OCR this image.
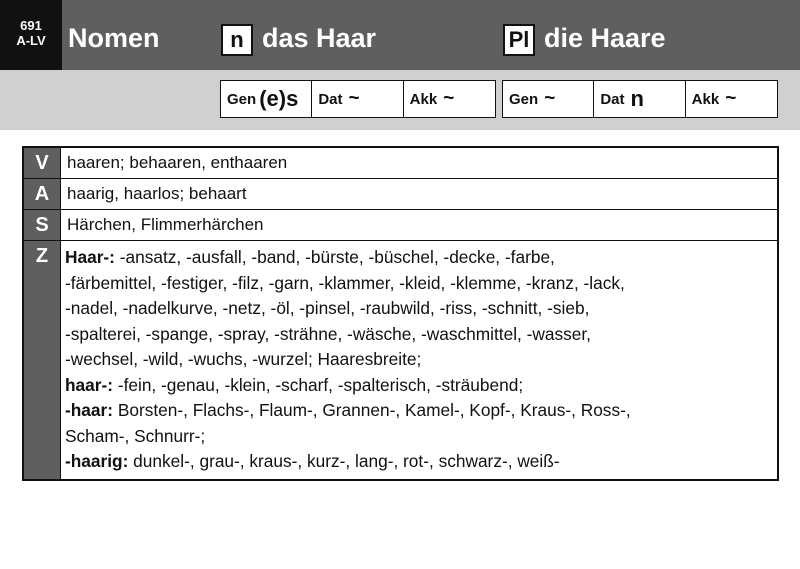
691
A-LV Nomen	n das Haar	Pl die Haare
Gen (e)s Dat ~	Akk ~	Gen ~	Dat n	Akk ~
V	haaren; behaaren, enthaaren
A	haarig, haarlos; behaart
S	Härchen, Flimmerhärchen
Z Haar-: -ansatz, -ausfall, -band, -bürste, -büschel, -decke, -farbe,
-färbemittel, -festiger, -filz, -garn, -klammer, -kleid, -klemme, -kranz, -lack,
-nadel, -nadelkurve, -netz, -öl, -pinsel, -raubwild, -riss, -schnitt, -sieb,
-spalterei, -spange, -spray, -strähne, -wäsche, -waschmittel, -wasser,
-wechsel, -wild, -wuchs, -wurzel; Haaresbreite;
haar-: -fein, -genau, -klein, -scharf, -spalterisch, -sträubend;
-haar: Borsten-, Flachs-, Flaum-, Grannen-, Kamel-, Kopf-, Kraus-, Ross-,
Scham-, Schnurr-;
-haarig: dunkel-, grau-, kraus-, kurz-, lang-, rot-, schwarz-, weiß-
